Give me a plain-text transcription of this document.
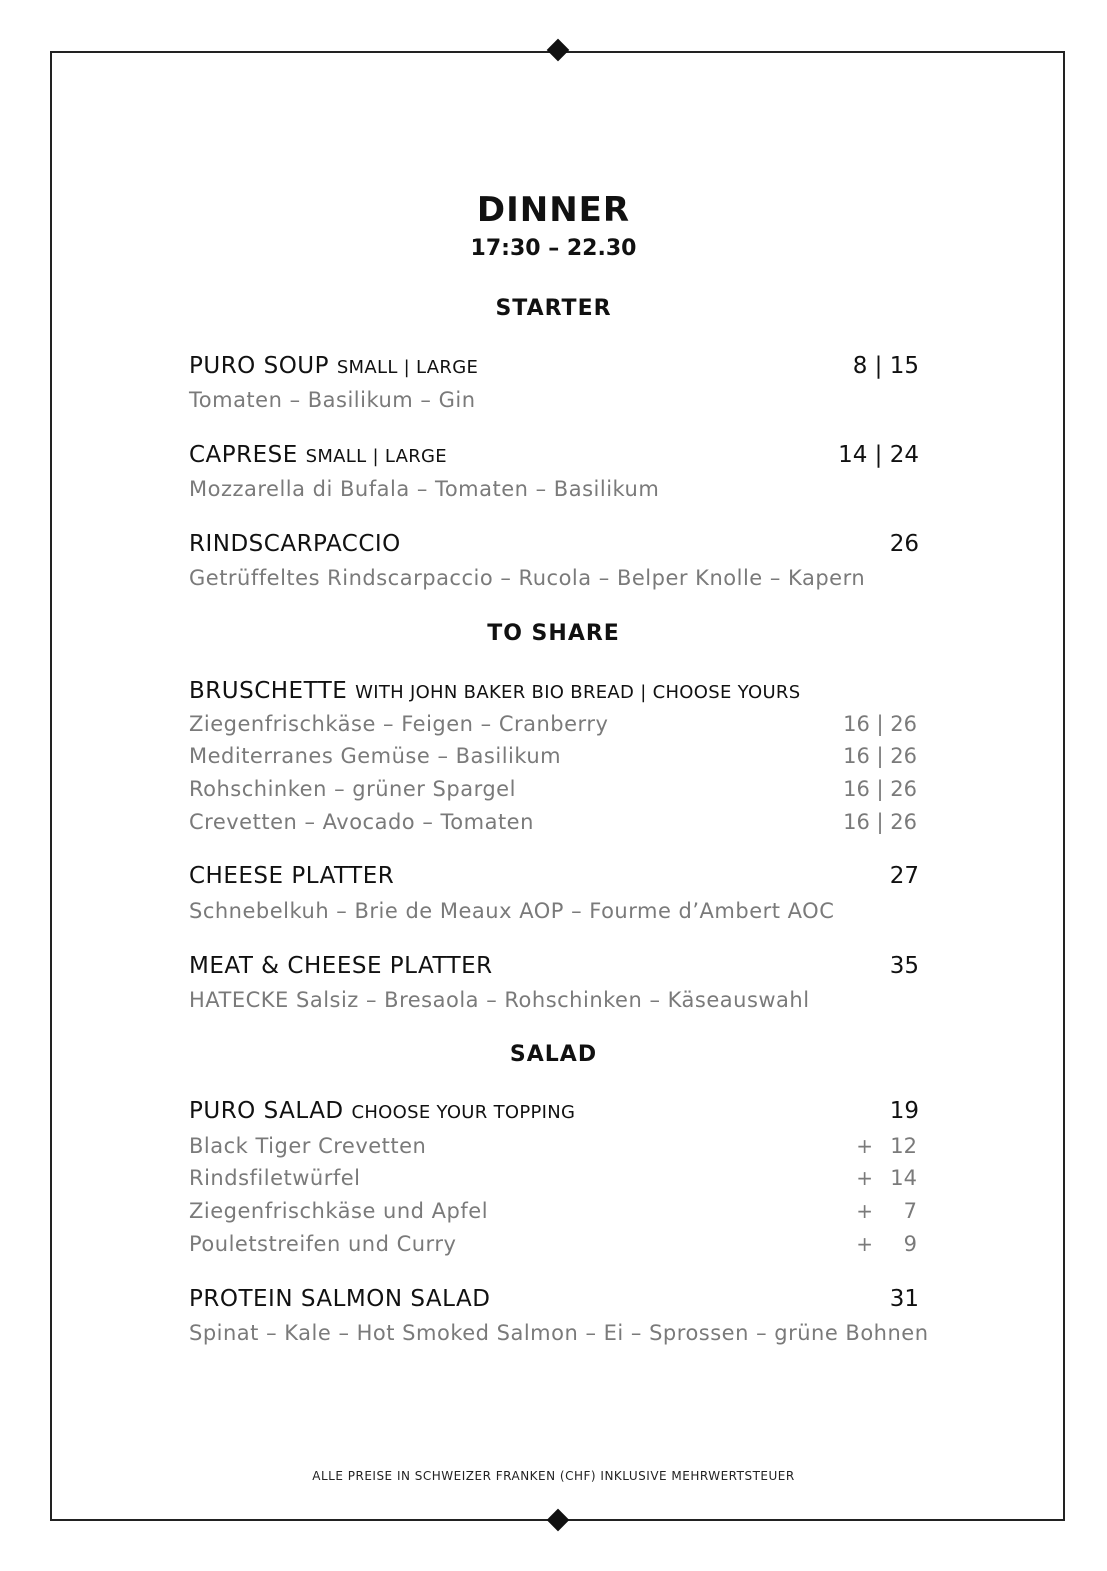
DINNER
17:30 – 22.30
STARTER
PURO SOUP SMALL | LARGE	8 | 15
Tomaten – Basilikum – Gin
CAPRESE SMALL | LARGE	14 | 24
Mozzarella di Bufala – Tomaten – Basilikum
RINDSCARPACCIO	26
Getrüffeltes Rindscarpaccio – Rucola – Belper Knolle – Kapern
TO SHARE
BRUSCHETTE WITH JOHN BAKER BIO BREAD | CHOOSE YOURS
Ziegenfrischkäse – Feigen – Cranberry	16 | 26
Mediterranes Gemüse – Basilikum	16 | 26
Rohschinken – grüner Spargel	16 | 26
Crevetten – Avocado – Tomaten	16 | 26
CHEESE PLATTER	27
Schnebelkuh – Brie de Meaux AOP – Fourme d’Ambert AOC
MEAT & CHEESE PLATTER	35
HATECKE Salsiz – Bresaola – Rohschinken – Käseauswahl
SALAD
PURO SALAD CHOOSE YOUR TOPPING	19
Black Tiger Crevetten	+ 12
Rindsfiletwürfel	+ 14
Ziegenfrischkäse und Apfel	+ 7
Pouletstreifen und Curry	+ 9
PROTEIN SALMON SALAD	31
Spinat – Kale – Hot Smoked Salmon – Ei – Sprossen – grüne Bohnen
ALLE PREISE IN SCHWEIZER FRANKEN (CHF) INKLUSIVE MEHRWERTSTEUER
